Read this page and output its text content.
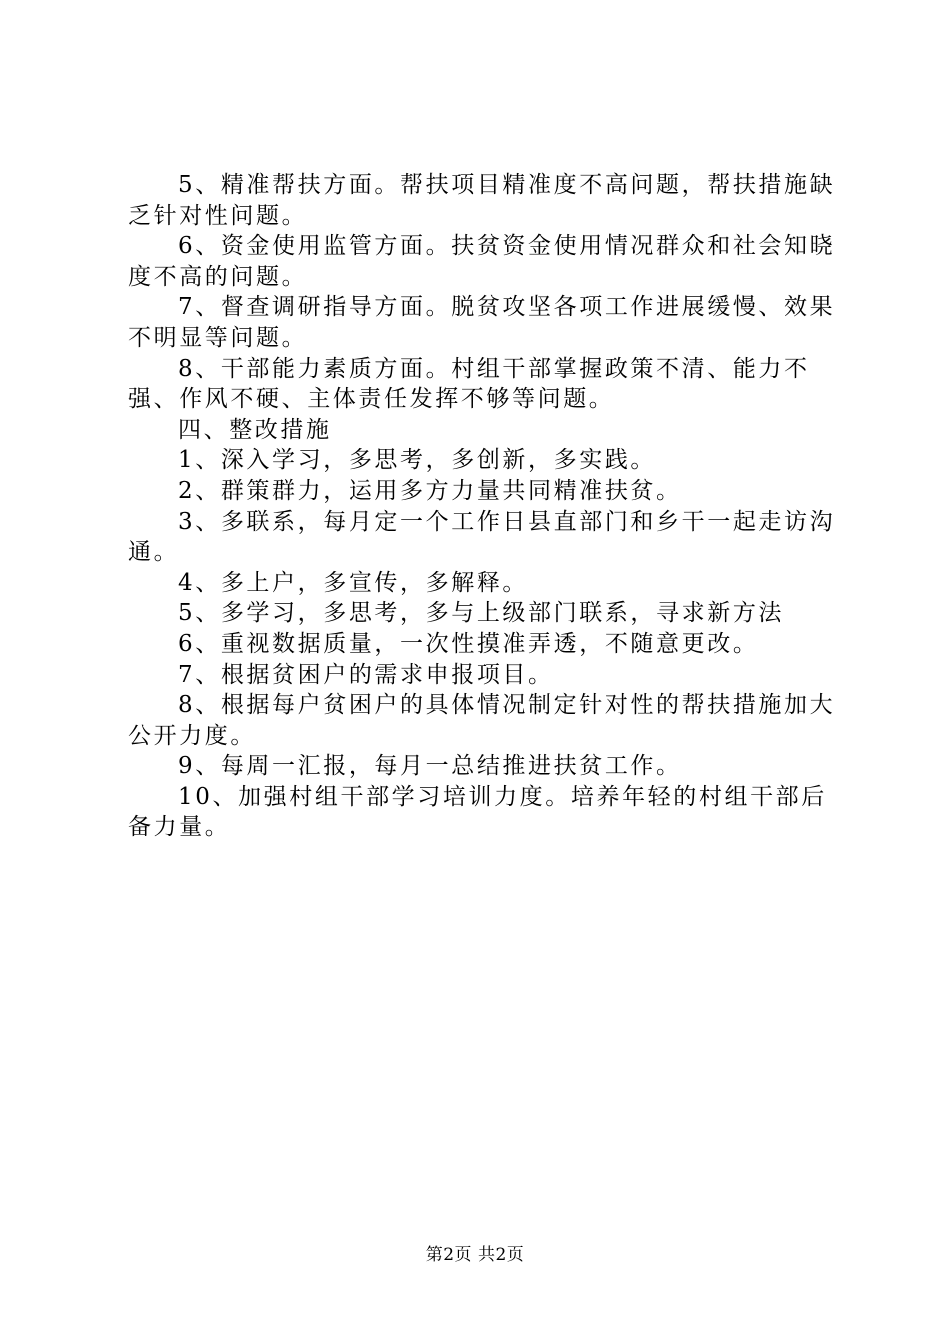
5、精准帮扶方面。帮扶项目精准度不高问题，帮扶措施缺乏针对性问题。

6、资金使用监管方面。扶贫资金使用情况群众和社会知晓度不高的问题。

7、督查调研指导方面。脱贫攻坚各项工作进展缓慢、效果不明显等问题。

8、干部能力素质方面。村组干部掌握政策不清、能力不强、作风不硬、主体责任发挥不够等问题。

四、整改措施

1、深入学习，多思考，多创新，多实践。

2、群策群力，运用多方力量共同精准扶贫。

3、多联系，每月定一个工作日县直部门和乡干一起走访沟通。

4、多上户，多宣传，多解释。

5、多学习，多思考，多与上级部门联系，寻求新方法

6、重视数据质量，一次性摸准弄透，不随意更改。

7、根据贫困户的需求申报项目。

8、根据每户贫困户的具体情况制定针对性的帮扶措施加大公开力度。

9、每周一汇报，每月一总结推进扶贫工作。

10、加强村组干部学习培训力度。培养年轻的村组干部后备力量。

第2页 共2页
